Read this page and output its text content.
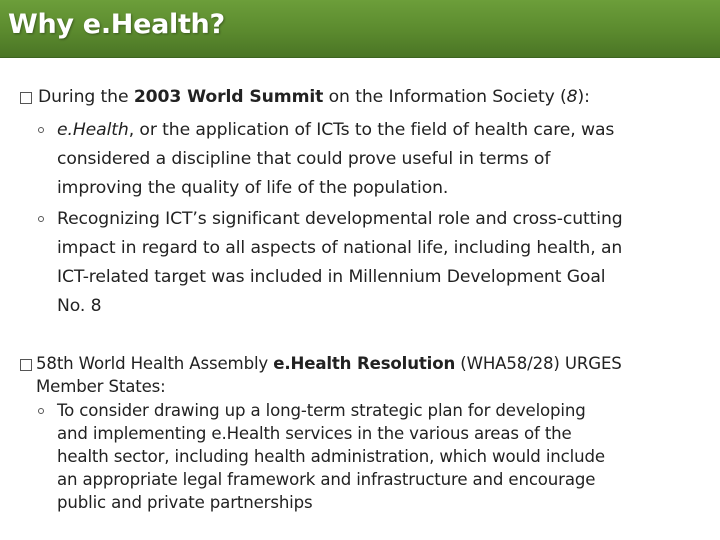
Why e.Health?
During the 2003 World Summit on the Information Society (8):
e.Health, or the application of ICTs to the field of health care, was
considered a discipline that could prove useful in terms of
improving the quality of life of the population.
Recognizing ICT’s significant developmental role and cross-cutting
impact in regard to all aspects of national life, including health, an
ICT-related target was included in Millennium Development Goal
No. 8
58th World Health Assembly e.Health Resolution (WHA58/28) URGES
Member States:
To consider drawing up a long-term strategic plan for developing
and implementing e.Health services in the various areas of the
health sector, including health administration, which would include
an appropriate legal framework and infrastructure and encourage
public and private partnerships
